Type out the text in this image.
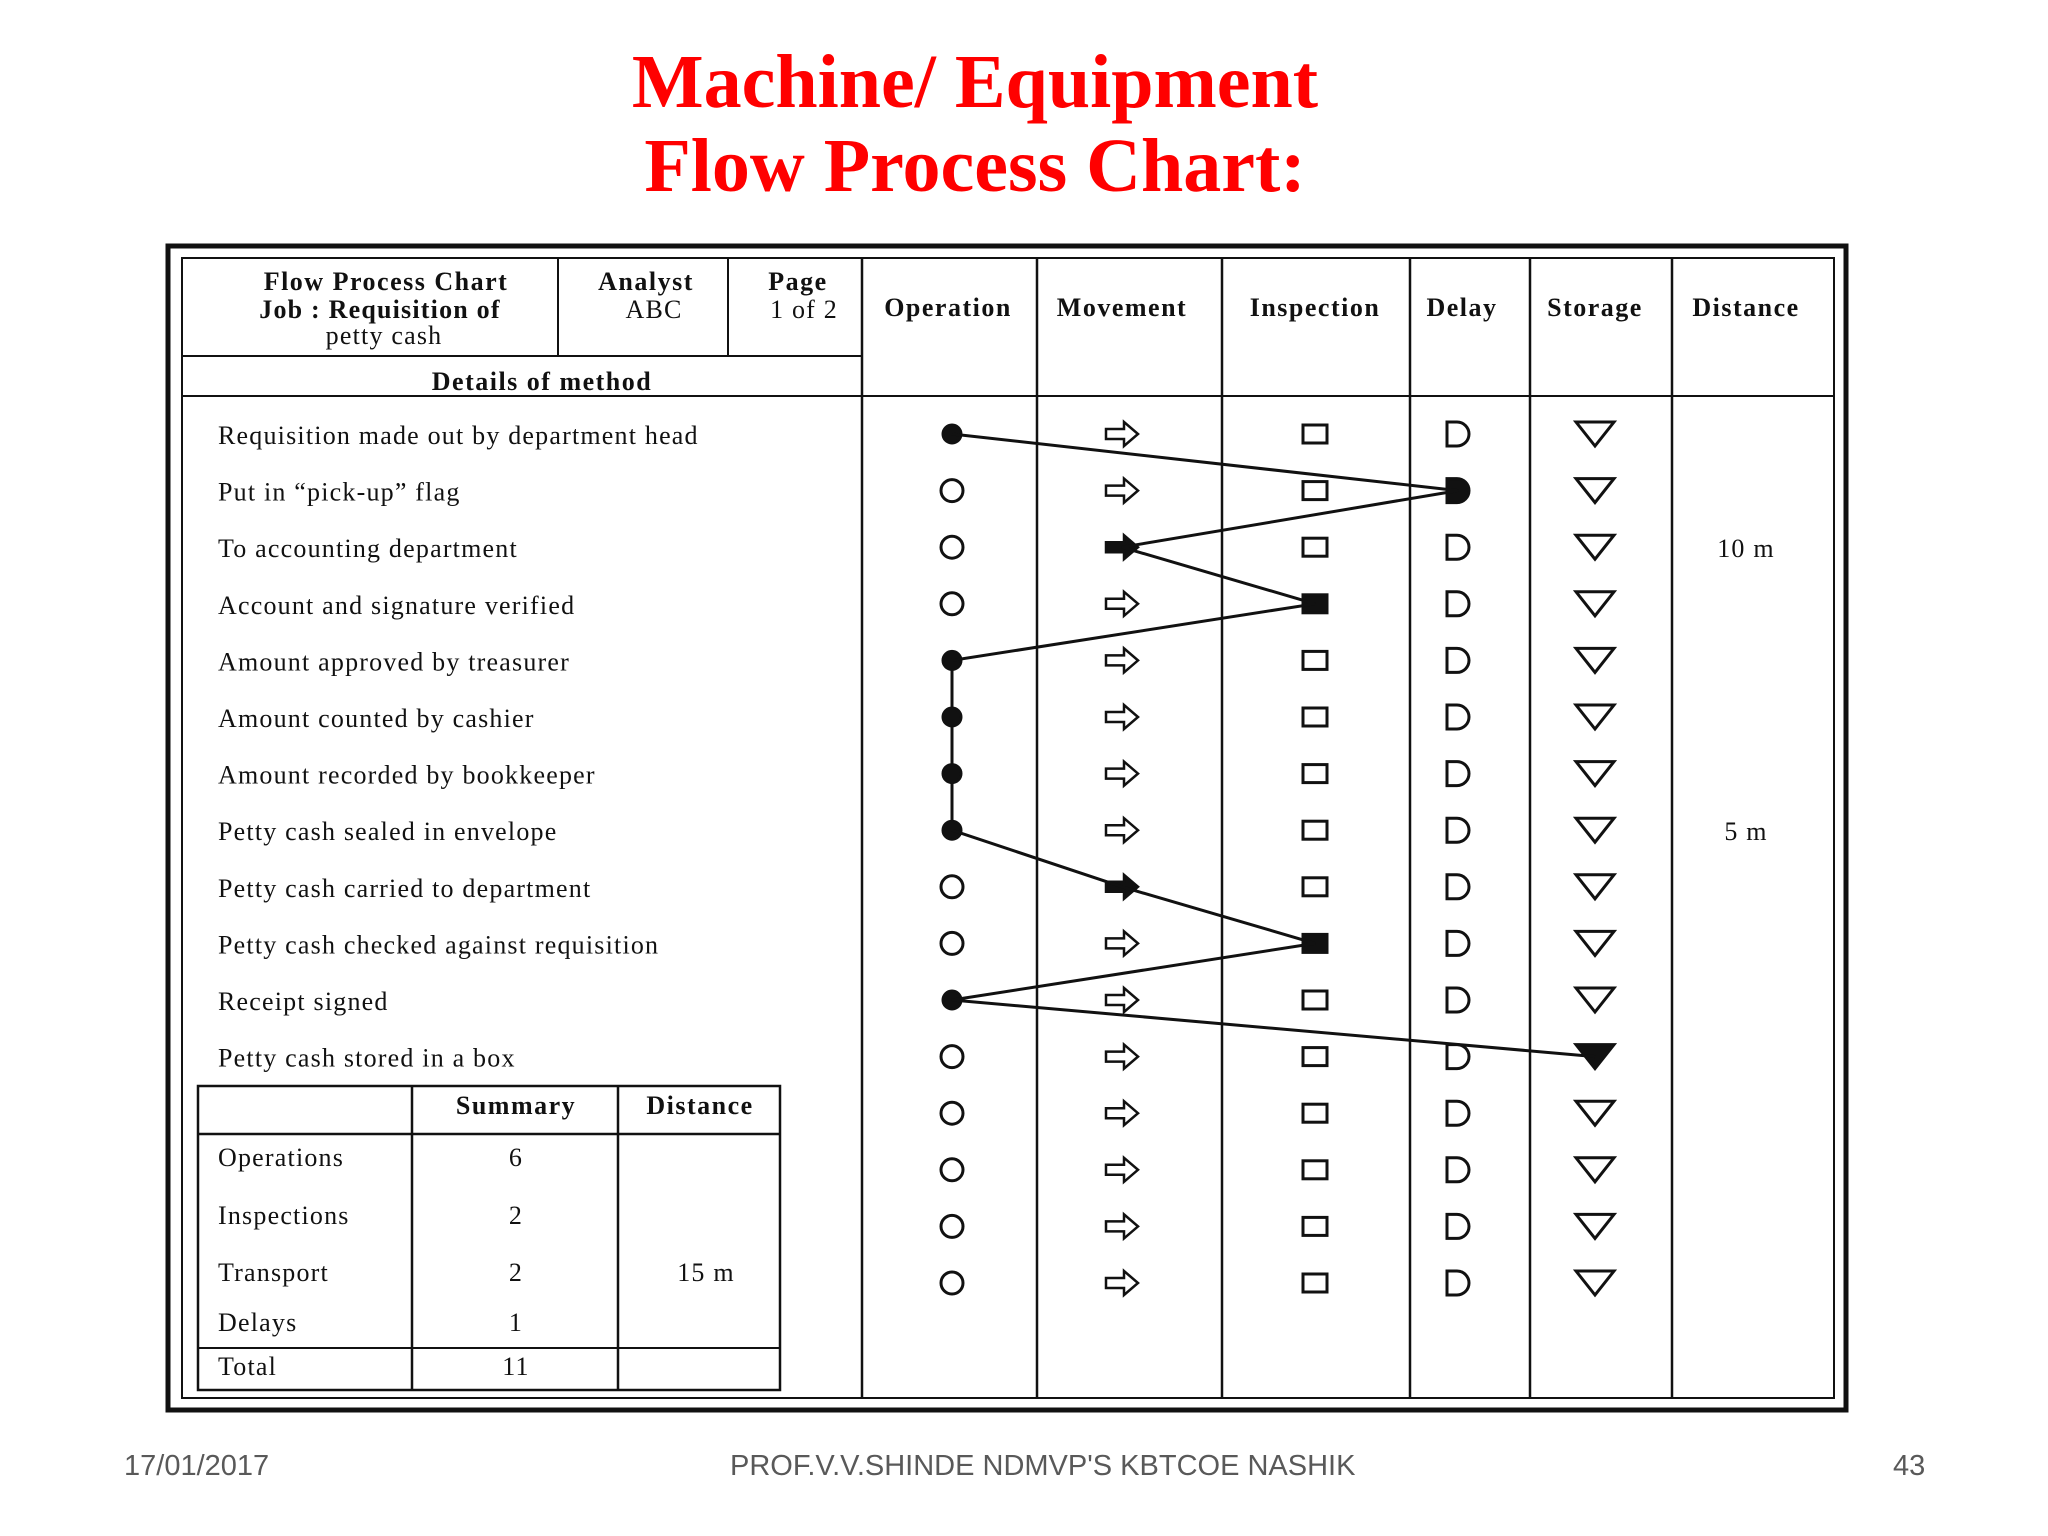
Machine/ Equipment
Flow Process Chart:
Flow Process Chart
Job : Requisition of
petty cash
Analyst
ABC
Page
1 of 2
Details of method
Operation Movement Inspection Delay Storage Distance
Requisition made out by department head
Put in “pick-up” flag
To accounting department	10 m
Account and signature verified
Amount approved by treasurer
Amount counted by cashier
Amount recorded by bookkeeper
Petty cash sealed in envelope	5 m
Petty cash carried to department
Petty cash checked against requisition
Receipt signed
Petty cash stored in a box
Summary	Distance
Operations	6
Inspections	2
Transport	2	15 m
Delays	1
Total	11
17/01/2017	PROF.V.V.SHINDE NDMVP'S KBTCOE NASHIK	43
